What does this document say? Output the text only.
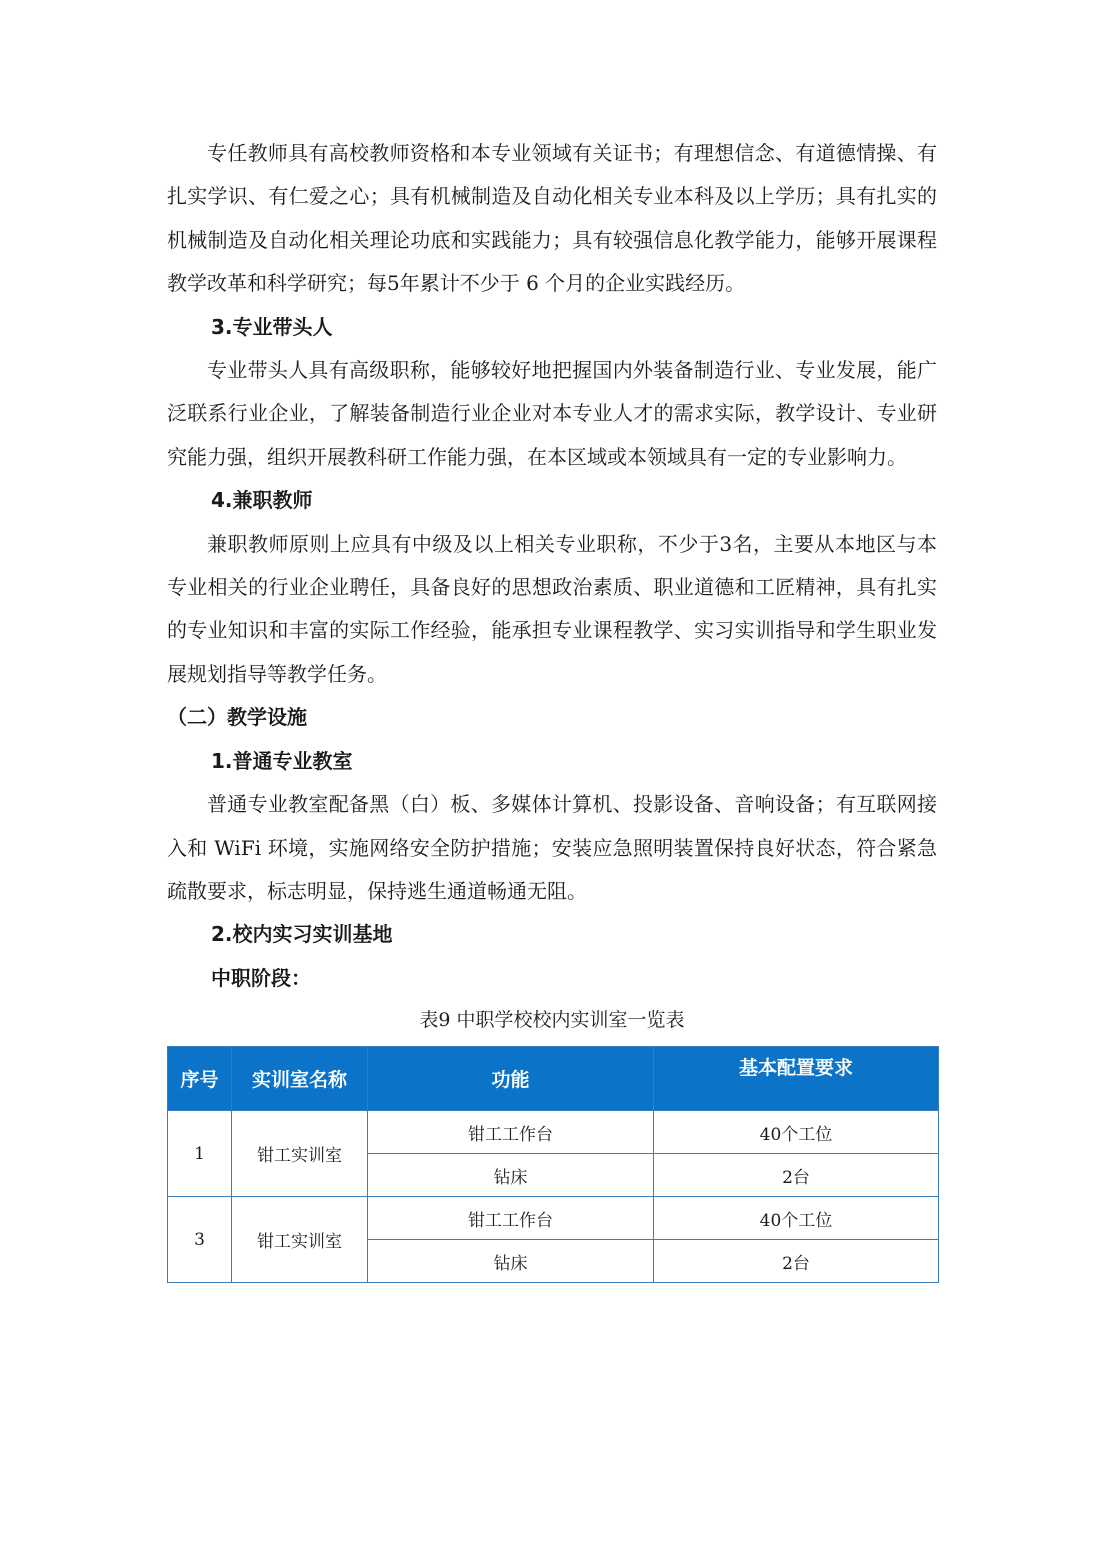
专任教师具有高校教师资格和本专业领域有关证书；有理想信念、有道德情操、有扎实学识、有仁爱之心；具有机械制造及自动化相关专业本科及以上学历；具有扎实的机械制造及自动化相关理论功底和实践能力；具有较强信息化教学能力，能够开展课程教学改革和科学研究；每5年累计不少于 6 个月的企业实践经历。

3.专业带头人

专业带头人具有高级职称，能够较好地把握国内外装备制造行业、专业发展，能广泛联系行业企业，了解装备制造行业企业对本专业人才的需求实际，教学设计、专业研究能力强，组织开展教科研工作能力强，在本区域或本领域具有一定的专业影响力。

4.兼职教师

兼职教师原则上应具有中级及以上相关专业职称，不少于3名，主要从本地区与本专业相关的行业企业聘任，具备良好的思想政治素质、职业道德和工匠精神，具有扎实的专业知识和丰富的实际工作经验，能承担专业课程教学、实习实训指导和学生职业发展规划指导等教学任务。

（二）教学设施

1.普通专业教室

普通专业教室配备黑（白）板、多媒体计算机、投影设备、音响设备；有互联网接入和 WiFi 环境，实施网络安全防护措施；安装应急照明装置保持良好状态，符合紧急疏散要求，标志明显，保持逃生通道畅通无阻。

2.校内实习实训基地

中职阶段：

表9 中职学校校内实训室一览表

序号	实训室名称	功能	基本配置要求
1	钳工实训室	钳工工作台	40个工位
		钻床	2台
3	钳工实训室	钳工工作台	40个工位
		钻床	2台
